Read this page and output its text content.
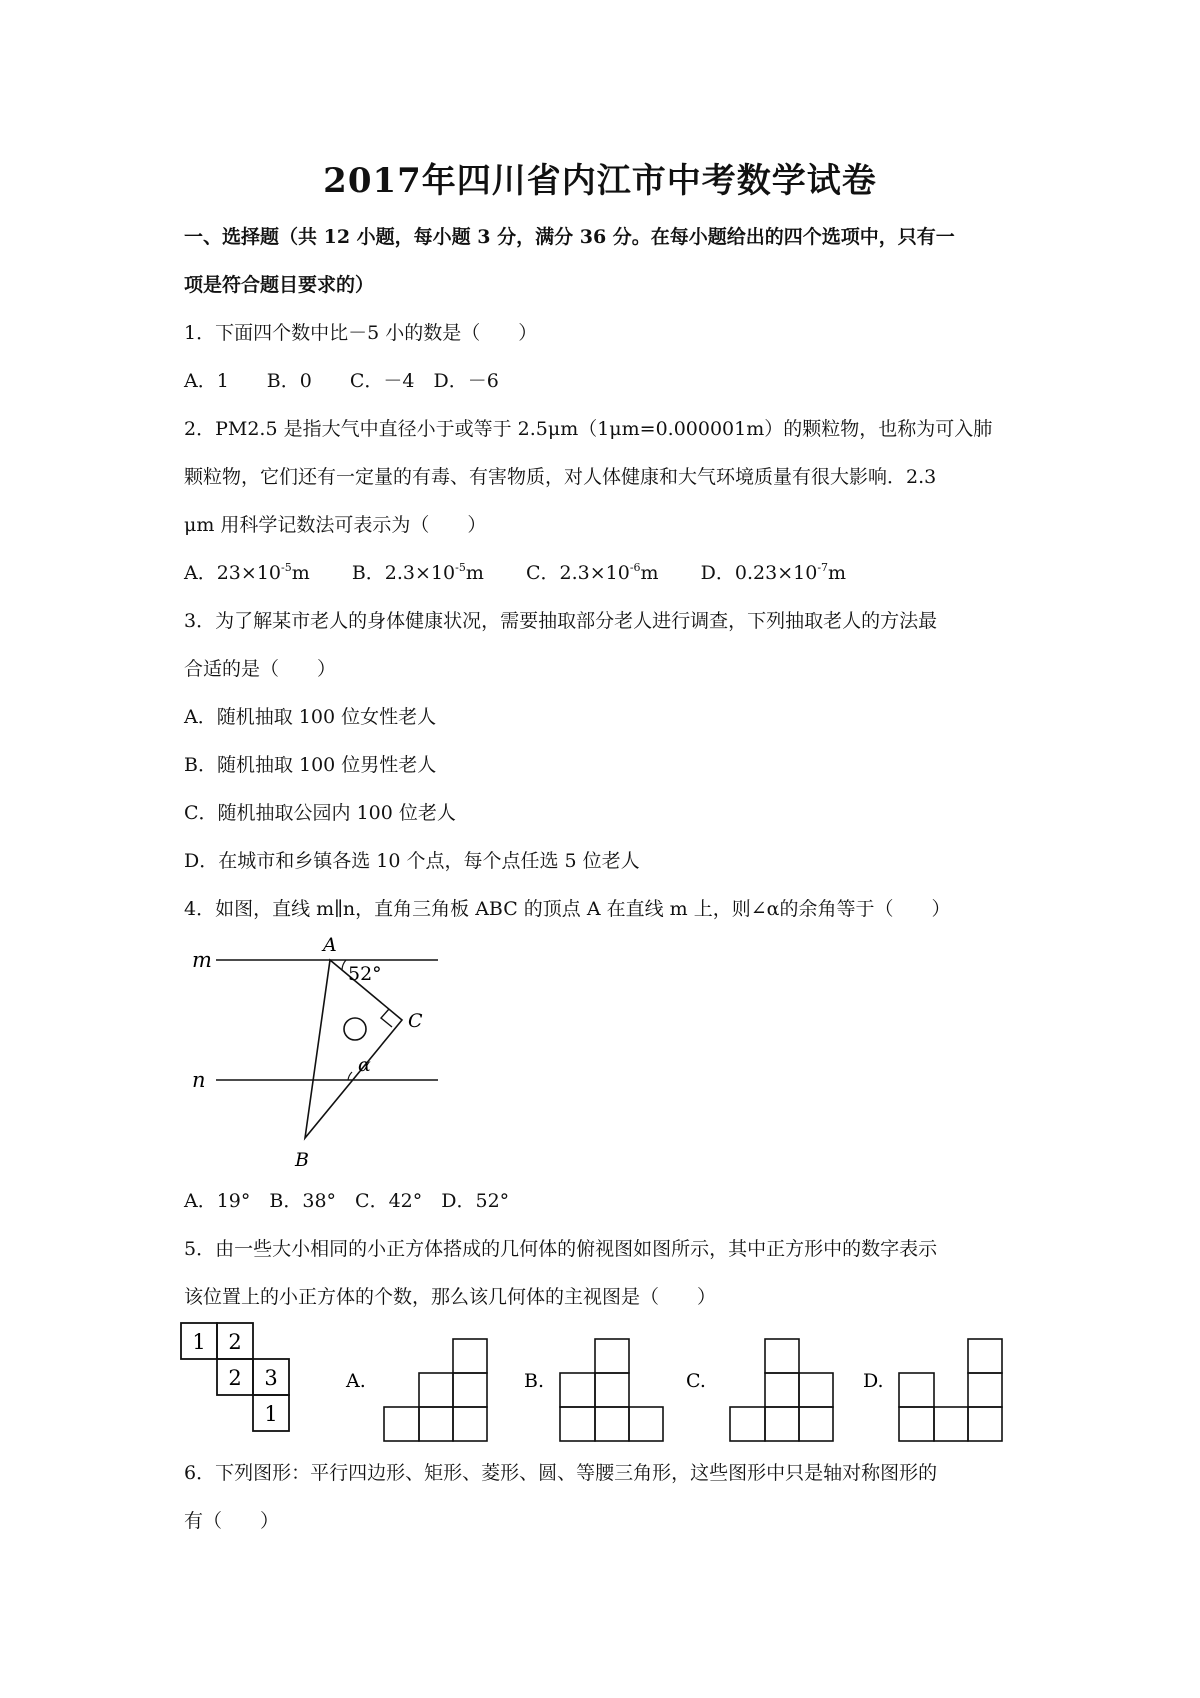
2017年四川省内江市中考数学试卷
一、选择题（共 12 小题，每小题 3 分，满分 36 分。在每小题给出的四个选项中，只有一
项是符合题目要求的）
1．下面四个数中比－5 小的数是（　　）
A．1　　B．0　　C．－4　D．－6
2．PM2.5 是指大气中直径小于或等于 2.5μm（1μm=0.000001m）的颗粒物，也称为可入肺
颗粒物，它们还有一定量的有毒、有害物质，对人体健康和大气环境质量有很大影响．2.3
μm 用科学记数法可表示为（　　）
A．$23\times 10^{-5}m$ B．$2.3\times 10^{-5}m$ C．$2.3\times 10^{-6}m$ D．$0.23\times 10^{-7}m$
3．为了解某市老人的身体健康状况，需要抽取部分老人进行调查，下列抽取老人的方法最
合适的是（　　）
A．随机抽取 100 位女性老人
B．随机抽取 100 位男性老人
C．随机抽取公园内 100 位老人
D．在城市和乡镇各选 10 个点，每个点任选 5 位老人
4．如图，直线 m∥n，直角三角板 ABC 的顶点 A 在直线 m 上，则∠α的余角等于（　　）
m
n
A
C
B
52°
α
A．19°　B．38°　C．42°　D．52°
5．由一些大小相同的小正方体搭成的几何体的俯视图如图所示，其中正方形中的数字表示
该位置上的小正方体的个数，那么该几何体的主视图是（　　）
1 2
2 3
1
A.	B.	C.	D.
6．下列图形：平行四边形、矩形、菱形、圆、等腰三角形，这些图形中只是轴对称图形的
有（　　）
